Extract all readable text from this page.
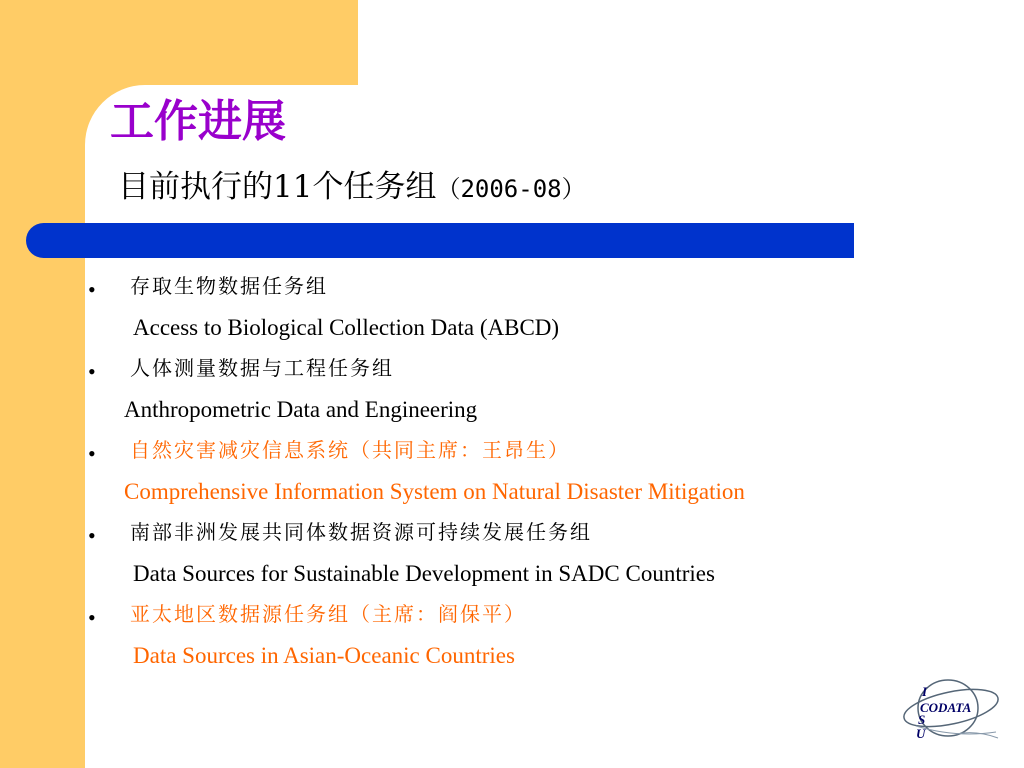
工作进展
目前执行的11个任务组（2006-08）
• 存取生物数据任务组
Access to Biological Collection Data (ABCD)
• 人体测量数据与工程任务组
Anthropometric Data and Engineering
• 自然灾害减灾信息系统（共同主席：王昂生）
Comprehensive Information System on Natural Disaster Mitigation
• 南部非洲发展共同体数据资源可持续发展任务组
Data Sources for Sustainable Development in SADC Countries
• 亚太地区数据源任务组（主席：阎保平）
Data Sources in Asian-Oceanic Countries
I
CODATA
S
U
